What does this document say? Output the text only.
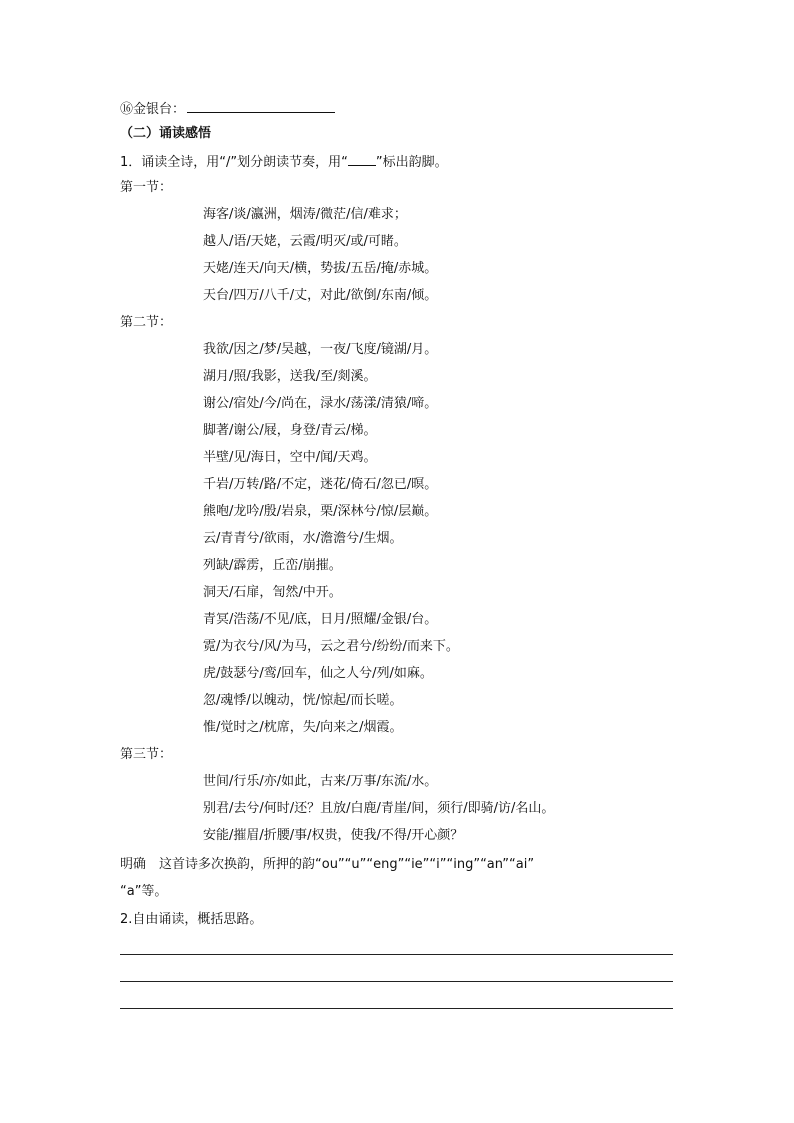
⑯金银台：
（二）诵读感悟
1．诵读全诗，用“/”划分朗读节奏，用“ ”标出韵脚。
第一节：
海客/谈/瀛洲，烟涛/微茫/信/难求；
越人/语/天姥，云霞/明灭/或/可睹。
天姥/连天/向天/横，势拔/五岳/掩/赤城。
天台/四万/八千/丈，对此/欲倒/东南/倾。
第二节：
我欲/因之/梦/吴越，一夜/飞度/镜湖/月。
湖月/照/我影，送我/至/剡溪。
谢公/宿处/今/尚在，渌水/荡漾/清猿/啼。
脚著/谢公/屐，身登/青云/梯。
半壁/见/海日，空中/闻/天鸡。
千岩/万转/路/不定，迷花/倚石/忽已/暝。
熊咆/龙吟/殷/岩泉，栗/深林兮/惊/层巅。
云/青青兮/欲雨，水/澹澹兮/生烟。
列缺/霹雳，丘峦/崩摧。
洞天/石扉，訇然/中开。
青冥/浩荡/不见/底，日月/照耀/金银/台。
霓/为衣兮/风/为马，云之君兮/纷纷/而来下。
虎/鼓瑟兮/鸾/回车，仙之人兮/列/如麻。
忽/魂悸/以魄动，恍/惊起/而长嗟。
惟/觉时之/枕席，失/向来之/烟霞。
第三节：
世间/行乐/亦/如此，古来/万事/东流/水。
别君/去兮/何时/还？且放/白鹿/青崖/间，须行/即骑/访/名山。
安能/摧眉/折腰/事/权贵，使我/不得/开心颜？
明确　这首诗多次换韵，所押的韵“ou”“u”“eng”“ie”“i”“ing”“an”“ai”
“a”等。
2.自由诵读，概括思路。
